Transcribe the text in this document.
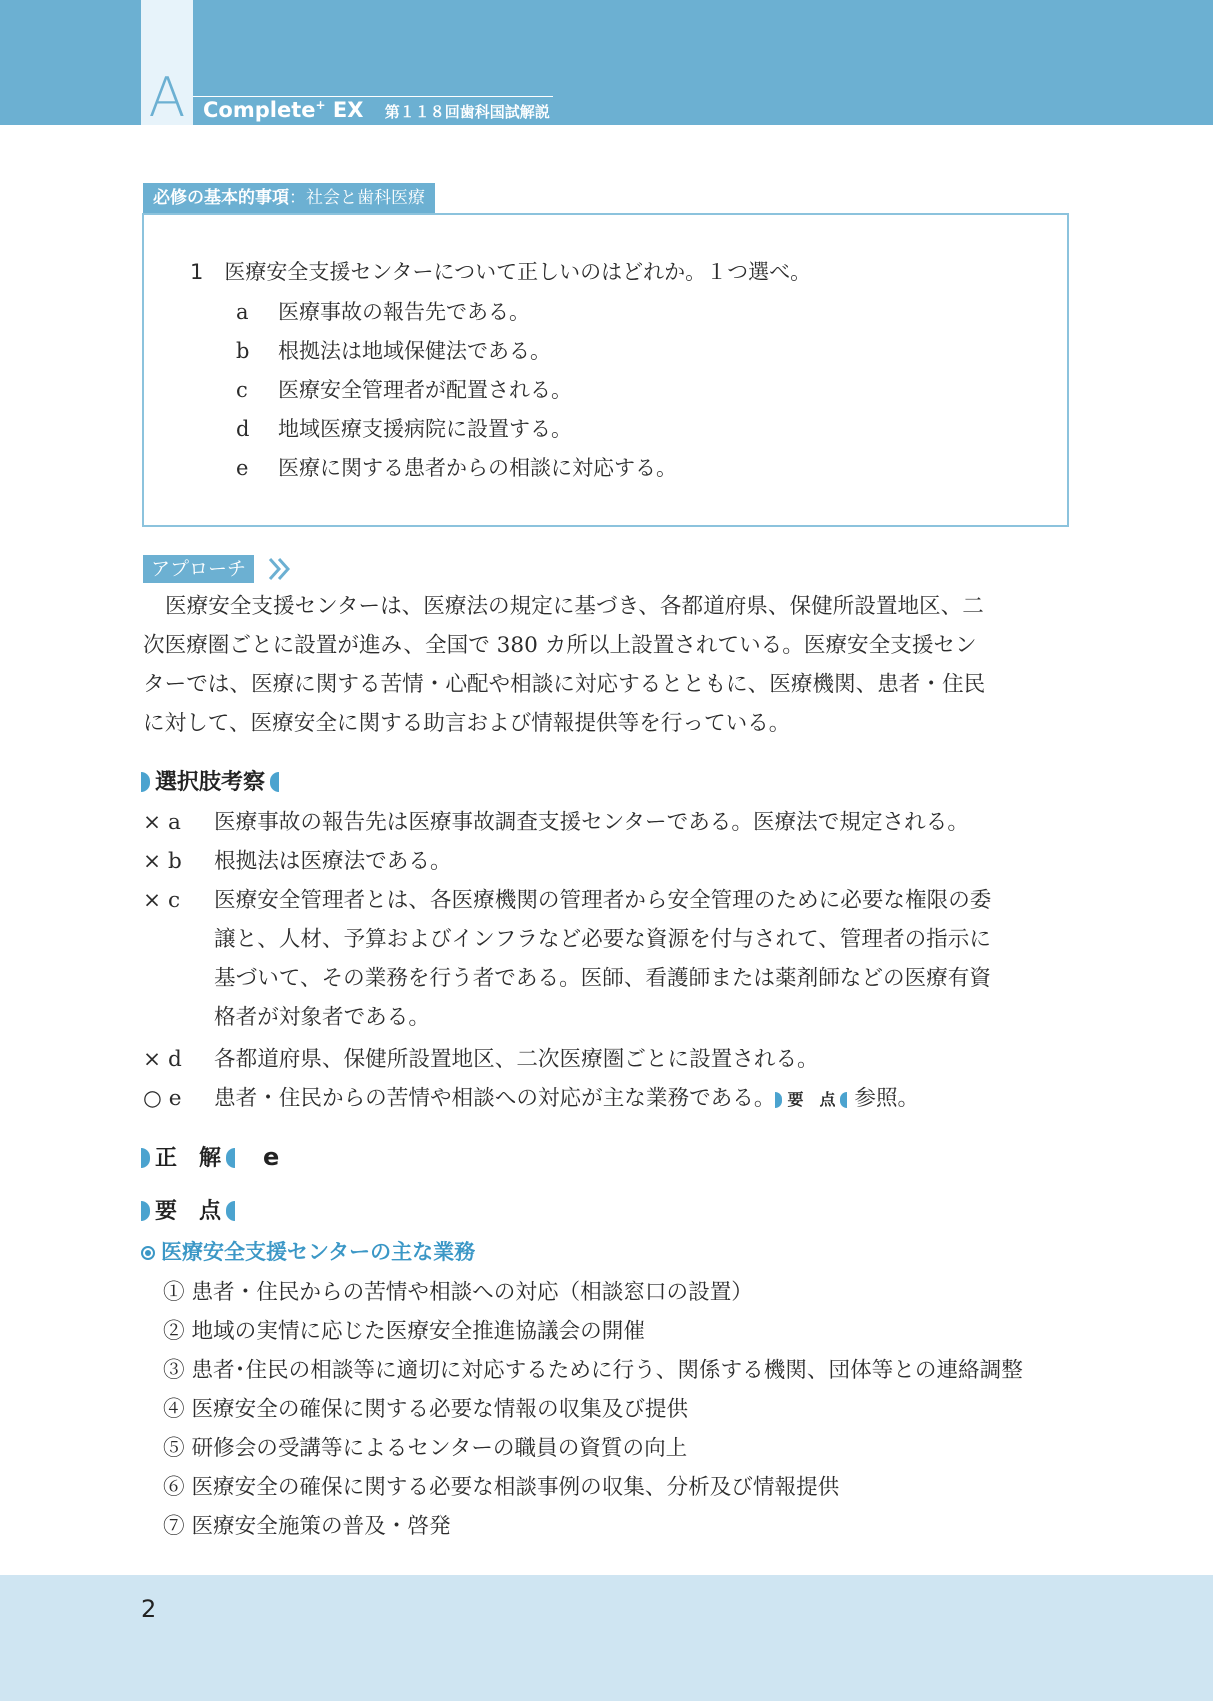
A Complete+ EX 第１１８回歯科国試解説
必修の基本的事項：社会と歯科医療
1　 医療安全支援センターについて正しいのはどれか。１つ選べ。
a 医療事故の報告先である。
b 根拠法は地域保健法である。
c 医療安全管理者が配置される。
d 地域医療支援病院に設置する。
e 医療に関する患者からの相談に対応する。
アプローチ
医療安全支援センターは、医療法の規定に基づき、各都道府県、保健所設置地区、二
次医療圏ごとに設置が進み、全国で 380 カ所以上設置されている。医療安全支援セン
ターでは、医療に関する苦情・心配や相談に対応するとともに、医療機関、患者・住民
に対して、医療安全に関する助言および情報提供等を行っている。
選択肢考察
× a	医療事故の報告先は医療事故調査支援センターである。医療法で規定される。
× b	根拠法は医療法である。
× c	医療安全管理者とは、各医療機関の管理者から安全管理のために必要な権限の委
譲と、人材、予算およびインフラなど必要な資源を付与されて、管理者の指示に
基づいて、その業務を行う者である。医師、看護師または薬剤師などの医療有資
格者が対象者である。
× d	各都道府県、保健所設置地区、二次医療圏ごとに設置される。
○ e	患者・住民からの苦情や相談への対応が主な業務である。 要　点 参照。
正　解 e
要　点
医療安全支援センターの主な業務
① 患者・住民からの苦情や相談への対応（相談窓口の設置）
② 地域の実情に応じた医療安全推進協議会の開催
③ 患者･住民の相談等に適切に対応するために行う、関係する機関、団体等との連絡調整
④ 医療安全の確保に関する必要な情報の収集及び提供
⑤ 研修会の受講等によるセンターの職員の資質の向上
⑥ 医療安全の確保に関する必要な相談事例の収集、分析及び情報提供
⑦ 医療安全施策の普及・啓発
2
